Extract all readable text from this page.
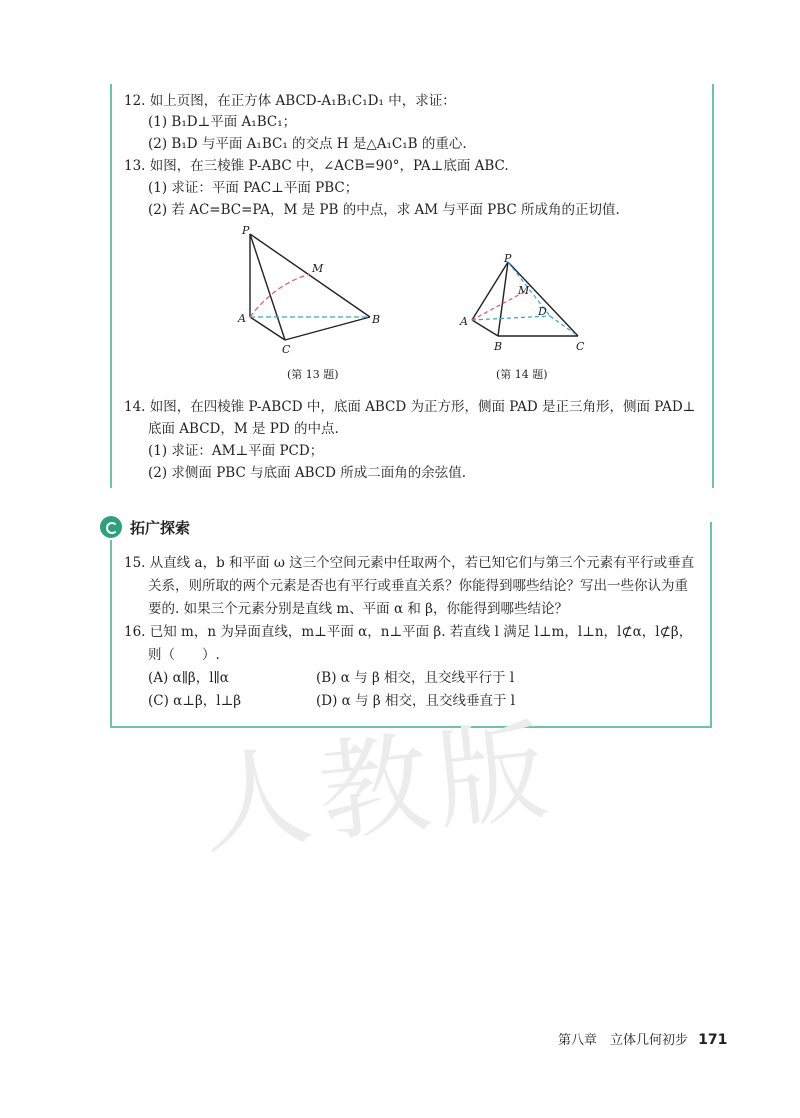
12. 如上页图，在正方体 ABCD-A₁B₁C₁D₁ 中，求证：
(1) B₁D⊥平面 A₁BC₁；
(2) B₁D 与平面 A₁BC₁ 的交点 H 是△A₁C₁B 的重心.
13. 如图，在三棱锥 P-ABC 中，∠ACB=90°，PA⊥底面 ABC.
(1) 求证：平面 PAC⊥平面 PBC；
(2) 若 AC=BC=PA，M 是 PB 的中点，求 AM 与平面 PBC 所成角的正切值.
P
M
A	B
C
(第 13 题)
P
M
A
B	C
D
(第 14 题)
14. 如图，在四棱锥 P-ABCD 中，底面 ABCD 为正方形，侧面 PAD 是正三角形，侧面 PAD⊥
底面 ABCD，M 是 PD 的中点.
(1) 求证：AM⊥平面 PCD；
(2) 求侧面 PBC 与底面 ABCD 所成二面角的余弦值.
拓广探索
15. 从直线 a，b 和平面 ω 这三个空间元素中任取两个，若已知它们与第三个元素有平行或垂直
关系，则所取的两个元素是否也有平行或垂直关系？你能得到哪些结论？写出一些你认为重
要的. 如果三个元素分别是直线 m、平面 α 和 β，你能得到哪些结论？
16. 已知 m，n 为异面直线，m⊥平面 α，n⊥平面 β. 若直线 l 满足 l⊥m，l⊥n，l⊄α，l⊄β，
则（　　）.
(A) α∥β，l∥α	(B) α 与 β 相交，且交线平行于 l
(C) α⊥β，l⊥β	(D) α 与 β 相交，且交线垂直于 l
人教版
第八章　立体几何初步 171
